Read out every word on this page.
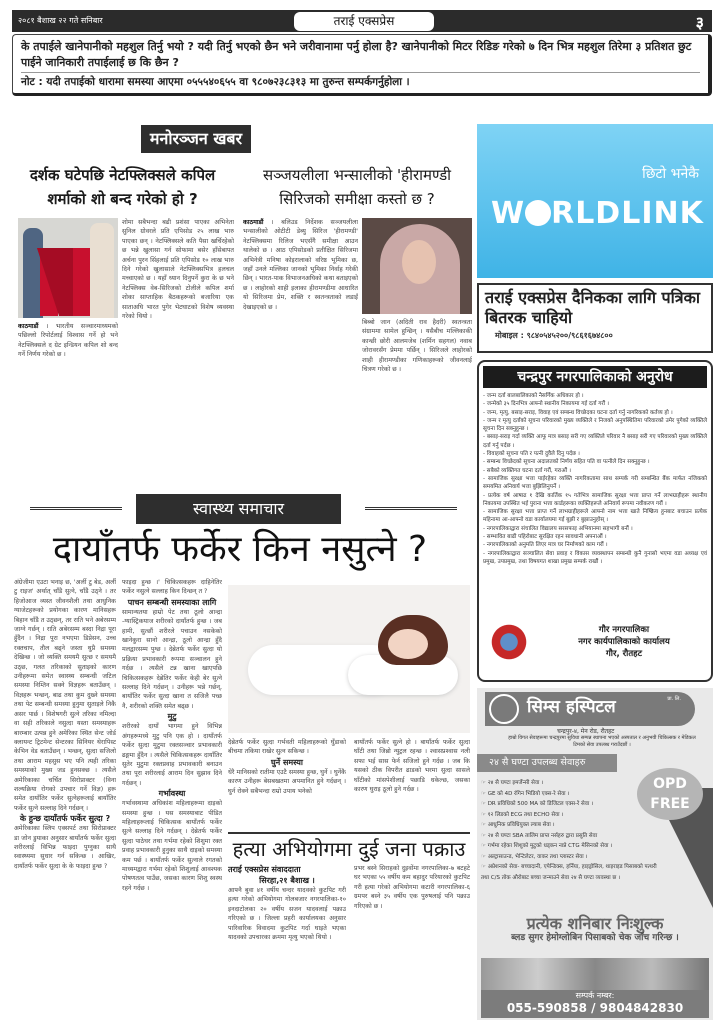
२०८१ बैशाख २२ गते सनिबार	तराई एक्सप्रेस	३
के तपाईले खानेपानीको महशुल तिर्नु भयो ? यदी तिर्नु भएको छैन भने जरीवानामा पर्नु होला है? खानेपानीको मिटर रिडिङ गरेको ७ दिन भित्र महशुल तिरेमा ३ प्रतिशत छुट पाईने जानिकारी तपाईलाई छ कि छैन ?
नोट : यदी तपाईको धारामा समस्या आएमा ०५५५४०६५५ वा ९८०७२३८३१३ मा तुरुन्त सम्पर्कगर्नुहोला ।
मनोरञ्जन खबर
दर्शक घटेपछि नेटफ्लिक्सले कपिल शर्माको शो बन्द गरेको हो ?
सञ्जयलीला भन्सालीको 'हीरामण्डी सिरिजको समीक्षा कस्तो छ ?
काठमाडौं । भारतीय सञ्चारमाध्यमको पछिल्लो रिपोर्टलाई विश्वास गर्ने हो भने नेटफ्लिक्सले द ग्रेट इन्डियन कपिल शो बन्द गर्ने निर्णय गरेको छ ।
शोमा सबैभन्दा बढी प्रशंसा पाएका अभिनेता सुनिल ग्रोवरले प्रति एपिसोड २५ लाख भारु पाएका छन् । नेटफ्लिक्सले कति पैसा खर्चिरहेको छ भन्ने खुलासा गर्न सोफामा बसेर हाँसेबापत अर्चना पुरन सिंहलाई प्रति एपिसोड १० लाख भारु दिने गरेको खुलासाले नेटफ्लिक्सभित्र हलचल मच्चाएको छ । यहाँ ध्यान दिनुपर्ने कुरा के छ भने नेटफ्लिक्स वेब-सिरिजको टोलीले कपिल शर्मा शोका साप्ताहिक बैठकहरूको बजारिया एक साताअघि भारत पुगेर भेटघाटको विशेष व्यवस्था गरेको थियो ।
काठमाडौं । बलिउड निर्देशक सञ्जयलीला भन्सालीको ओटीटी डेब्यु सिरिज 'हीरामण्डी' नेटफ्लिक्समा रिलिज भएसँगै समीक्षा आउन थालेको छ । आठ एपिसोडको प्रतीक्षित सिरिजमा अभिनेत्री मनिषा कोइरालाको वरिष्ठ भूमिका छ, जहाँ उनले मल्लिका जानको भूमिका निर्वाह गरेकी छिन् । भारत-पाक विभाजनअघिको कथा बताइएको छ । लाहोरको शाही इलाका हीरामण्डीमा आधारित यो सिरिजमा प्रेम, शक्ति र स्वतन्त्रताको लडाइँ देखाइएको छ ।
बिब्बो जान (अदिती राव हैदरी) स्वतन्त्रता संग्राममा सामेल हुन्छिन् । यसैबीच मल्लिकाकी कान्छी छोरी आलमजेब (शर्मिन सहगल) नवाब जोरावरसँग प्रेममा पर्छिन् । सिरिजले लाहोरको शाही हीरामण्डीका गणिकाहरूको जीवनलाई चित्रण गरेको छ ।
स्वास्थ्य समाचार
दायाँतर्फ फर्केर किन नसुत्ने ?
अंग्रेजीमा एउटा भनाइ छ, 'अर्ली टु बेड, अर्ली टु राइज' अर्थात् चाँडै सुत्ने, चाँडै उठ्ने । तर हिजोआज व्यस्त जीवनशैली तथा आधुनिक ग्याजेटहरूको प्रयोगका कारण मानिसहरू बिहान चाँडै त उठ्छन्, तर राति भने अबेरसम्म जाग्ने गर्छन् । राति अबेरसम्म बस्दा निद्रा पूरा हुँदैन । निद्रा पूरा नभएमा डिप्रेसन, उच्च रक्तचाप, तौल बढ्ने जस्ता थुप्रै समस्या देखिन्छ । जो व्यक्ति समयमै सुत्छ र समयमै उठ्छ, गलत तरिकाको सुताइको कारण उनीहरूमा समेत स्वास्थ्य सम्बन्धी जटिल समस्या निम्तिन सक्ने विज्ञहरू बताउँछन् । विज्ञहरू भन्छन्, बाढ तथा कुम दुख्ने समस्या तथा पेट सम्बन्धी समस्या हुनुमा सुताइले निकै असर पार्छ । विशेषगरी सुत्ने तरिका नमिल्दा वा सही तरिकाले नसुत्दा यस्ता समस्याहरू बारम्बार उत्पन्न हुने अमेरिका स्थित सेन्ट जोर्ड क्लायन्ट ट्रिटमेन्ट सेन्टरका सिनियर थेरापिस्ट केभिन वेड बताउँछन् । भन्छन्, सुत्दा सजिलो तथा आराम महसुस भए पनि त्यही तरिका समस्याको मुख्य जड हुनसक्छ । त्यसैले अमेरिकाका चर्चित सिरोप्राक्टर (विना शल्यक्रिया रोगको उपचार गर्ने विज्ञ) हरू समेत दायाँतिर फर्केर सुत्नेहरूलाई बायाँतिर फर्केर सुत्ने सल्लाह दिने गर्दछन् ।
के हुन्छ दायाँतर्फ फर्केर सुत्दा ?
अमेरिकाका स्लिप एक्सपर्ट तथा सिरोप्राक्टर डा जोन डुयाका अनुसार बायाँतर्फ फर्केर सुत्दा शरीरलाई विभिन्न फाइदा पुग्नुका साथै स्वास्थ्यमा सुधार गर्न सकिन्छ । आखिर, दायाँतर्फ फर्केर सुत्दा के के फाइदा हुन्छ ?
फाइदा हुन्छ ।' चिकित्सकहरू दाहिनेतिर फर्केर नसुत्ने सल्लाह किन दिन्छन् त ?
पाचन सम्बन्धी समस्याका लागि
सामान्यतया हाम्रो पेट तथा ठूलो आन्द्रा -ग्यास्ट्रिकयाज शरीरको दायाँतर्फ हुन्छ । जब हामी, सुत्छौं शरीरले पचाउन नसकेको खानेकुरा सानो आन्द्रा, ठूलो आन्द्रा हुँदै मलद्वारसम्म पुग्छ । देब्रेतर्फ फर्केर सुत्दा यो प्रक्रिया प्रभावकारी रूपमा सञ्चालन हुने गर्दछ । त्यसैले टन्न खाना खाएपछि चिकित्सकहरू देब्रेतिर फर्केर केही बेर सुत्ने सल्लाह दिने गर्दछन् । उनीहरू भन्ने गर्छन्, बायाँतिर फर्केर सुत्दा खाना त सजिलै पच्छ नै, शरीरको शक्ति समेत बढ्छ ।
मुटु
शरीरको दायाँ भागमा हुने विभिन्न अंगहरूमध्ये मुटु पनि एक हो । दायाँतर्फ फर्केर सुत्दा मुटुमा रक्तसञ्चार प्रभावकारी ढङ्गमा हुँदैन । त्यसैले चिकित्सकहरू दायाँतिर सुतेर मुटुमा रक्तप्रवाह प्रभावकारी बनाउन तथा पूरा शरीरलाई आराम दिन सुझाव दिने गर्दछन् ।
गर्भावस्था
गर्भावस्थामा अधिकांश महिलाहरूमा दाइको समस्या हुन्छ । यस समस्याबाट पीडित महिलाहरूलाई चिकित्सक बायाँतर्फ फर्केर सुत्ने सल्लाह दिने गर्दछन् । देब्रेतर्फ फर्केर सुत्दा पाठेघर तथा गर्भमा रहेको शिशुमा रक्त प्रवाह प्रभावकारी हुनुका साथै दाइको समस्या कम पर्छ । बायाँतर्फ फर्केर सुत्नाले रगतको माध्यमद्वारा गर्भमा रहेको शिशुलाई आवश्यक पोषणतत्व पाउँछ, जसका कारण शिशु स्वस्थ रहने गर्दछ ।
देब्रेतर्फ फर्केर सुत्दा गर्भवती महिलाहरूको घुँडाको बीचमा तकिया राखेर सुत्न सकिन्छ ।
घुर्ने समस्या
धेरै मानिसको रातीमा एउटै समस्या हुन्छ, घुर्ने । घुर्नेकै कारण उनीहरू बेसबखतमा अपमानित हुने गर्दछन् । घुर्न रोक्ने सबैभन्दा राम्रो उपाय भनेको
बायाँतर्फ फर्केर सुत्ने हो । बायाँतर्फ फर्केर सुत्दा घाँटी तथा जिब्रो न्युट्रल रहन्छ । श्वासप्रश्वास नली सफा भई सास फेर्न सजिलो हुने गर्दछ । जब कि यसको ठीक विपरीत ढाडको भरमा सुत्दा सासले घाँटीको मांसपेशीलाई पछाडि धकेल्छ, जसका कारण घुराइ ठूलो हुने गर्दछ ।
हत्या अभियोगमा दुई जना पक्राउ
तराई एक्सप्रेस संवाददाता
सिरहा,२१ बैशाख ।
आफ्नै बुवा ४१ वर्षीय चन्दर यादवको कुटपिट गरी हत्या गरेको अभियोगमा गोलबजार नगरपालिका-१० इनदाटोलका २० वर्षीय सजन यादवलाई पक्राउ गरिएको छ । जिल्ला प्रहरी कार्यालयका अनुसार पारिवारिक विवादमा कुटपिट गर्दा घाइते भएका यादवको उपचारका क्रममा मृत्यु भएको थियो ।
प्रभर बस्ने सिराहको दुइवोंमा नगरपालिका-७ बटहटे घर भएका ५५ वर्षीय कम बहादुर परियारको कुटपिट गरी हत्या गरेको अभियोगमा कटारी नगरपालिका-६ ग्रमपर बस्ने ३५ वर्षीय एक पुरुषलाई पनि पक्राउ गरिएको छ ।
छिटो भनेकै
W RLDLINK
तराई एक्सप्रेस दैनिकका लागि पत्रिका बितरक चाहियो
मोबाइल : ९८४०५४५२००/९८६१६७४८००
चन्द्रपुर नगरपालिकाको अनुरोध
- जन्म दर्ता बालबालिकाको नैसर्गिक अधिकार हो ।
- जन्मेको ३५ दिनभित्र आफ्नो स्थानीय निकायमा गई दर्ता गरौं ।
- जन्म, मृत्यु, बसाइ-सराइ, विवाह एवं सम्बन्ध विच्छेदका घटना दर्ता गर्नु नागरिकको कर्तव्य हो ।
- जन्म र मृत्यु दर्ताको सूचना परिवारको मुख्य व्यक्तिले र निजको अनुपस्थितिमा परिवारको उमेर पुगेको व्यक्तिले सूचना दिन सक्नुहुन्छ ।
- बसाइ-सराइ गर्दा व्यक्ति आफू मात्र बसाइ सरी गए व्यक्तिले परिवार नै बसाइ सरी गए परिवारको मुख्य व्यक्तिले दर्ता गर्नु पर्दछ ।
- विवाहको सूचना पति र पत्नी दुवैले दिनु पर्दछ ।
- सम्बन्ध विच्छेदको सूचना अदालतको निर्णय सहित पति वा पत्नीले दिन सक्नुहुन्छ ।
- सबैको व्यक्तिगत घटना दर्ता गरौं, गराऔं ।
- सामाजिक सुरक्षा भत्ता पाईरहेका व्यक्ति नागरिकतामा साथ सम्पर्क गरी सम्बन्धित बैंक मार्फत नजिकको समयमित अनिवार्य भत्ता बुझिलिनुपर्ने ।
- प्रत्येक वर्ष आषाढ १ देखि कार्तिक १५ गतेभित्र सामाजिक सुरक्षा भत्ता प्राप्त गर्ने लाभग्राहीहरू स्थानीय निकायमा उपस्थित भई पुराना भत्ता कार्डहरूका व्यक्तिहरूले अनिवार्य रूपमा नवीकरण गरौं ।
- सामाजिक सुरक्षा भत्ता प्राप्त गर्ने लाभग्राहीहरूले आफ्नो नाम भत्ता खाते निष्क्रिय हुनबाट बचाउन प्रत्येक महिनामा आ-आफ्नो वडा कार्यालयमा गई बुझी र बुझाउनुहोस् ।
- नगरपालिकाद्वारा संचालित विद्यालय सरसफाइ अभियानमा सहभागी बनौं ।
- सम्भावित बाढी पहिरोबाट सुरक्षित रहन सावधानी अपनाऔं ।
- नगरपालिकाको अनुमति लिएर मात्र घर निर्माणको काम गरौं ।
- नगरपालिकाद्वारा सञ्चालित सेवा प्रवाह र विकास व्यवस्थापन सम्बन्धी कुनै गुनासो भएमा वडा अध्यक्ष एवं प्रमुख, उपप्रमुख, तथा विषयगत शाखा प्रमुख सम्पर्क राखौं ।
गौर नगरपालिका
नगर कार्यपालिकाको कार्यालय
गौर, रौतहट
सिम्स हस्पिटल	प्रा. लि.
चन्द्रपुर-४, मेन रोड, रौतहट
हाम्रो विगत सेवाहरूमा चन्द्रपुरमा सुविधा सम्पन्न स्थापना भएको अस्पताल र अनुभवी चिकित्सक र मेडिकल टिमको सेवा उपलब्ध गराउँदछौं ।
२४ सै घण्टा उपलब्ध सेवाहरु
OPD
FREE
☞ २४ सै घण्टा इमर्जेन्सी सेवा ।
☞ GE को 4D रंगिन भिडियो एक्स-रे सेवा ।
☞ DR प्रविधिको 500 MA को डिजिटल एक्स-रे सेवा ।
☞ १२ लिडको ECG तथा ECHO सेवा ।
☞ आधुनिक प्रविधियुक्त ल्याब सेवा ।
☞ २४ सै घण्टा SBA तालिम प्राप्त नर्सहरु द्वारा प्रसुति सेवा
☞ गर्भमा रहेका शिशुको मुटुको धड्कन नाप्ने CTG मेसिनको सेवा ।
☞ अल्ट्रासाउन्ड, भेन्टिलेटर, वाकर तथा प्लास्टर सेवा ।
☞ अप्रेशनको सेवा- बच्चादानी, एपेन्डिक्स, हर्निया, हाइड्रोसिल, थाइराइड पिसाबको पत्थरी तथा C/S तोक औरोबाट बच्चा जन्माउने सेवा २४ सै घण्टा व्यवस्था छ ।
प्रत्येक शनिबार निःशुल्क
ब्लड सुगर हेमोग्लोबिन पिसाबको चेक जाँच गरिन्छ ।
सम्पर्क नम्बर:
055-590858 / 9804842830
